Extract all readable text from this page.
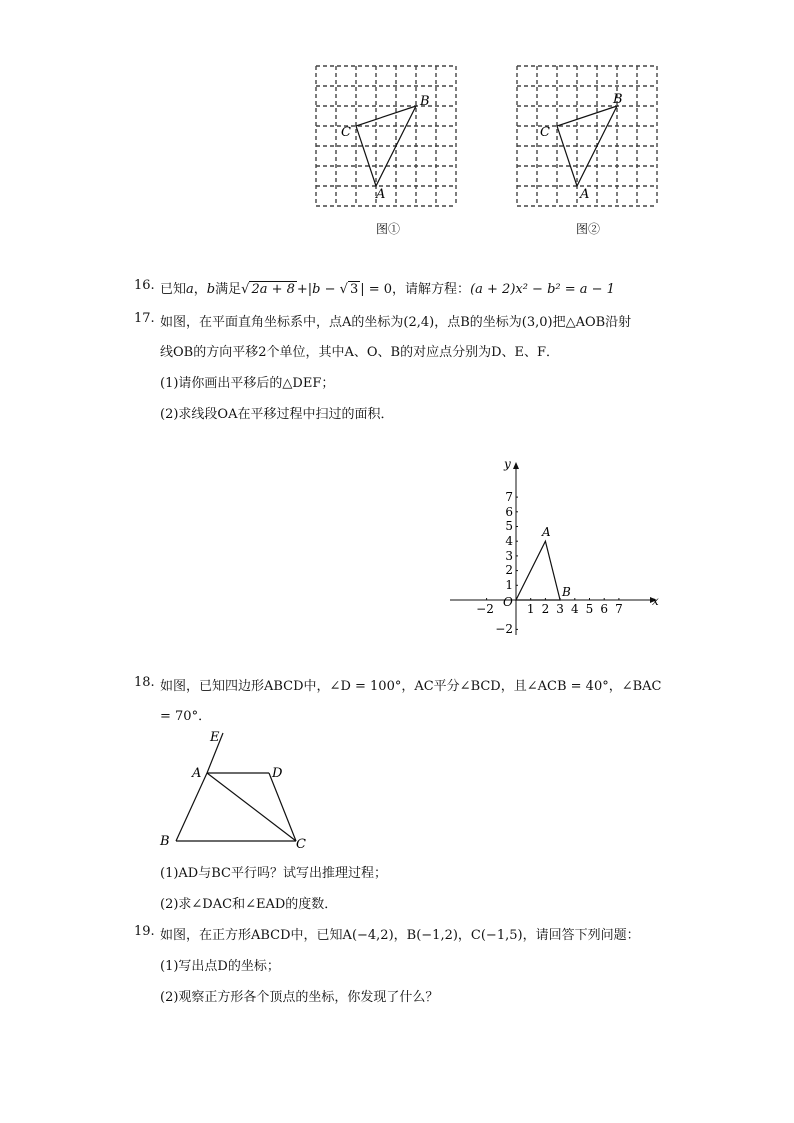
B
C
A
图①
B
C
A
图②
16. 已知a，b满足√ 2a + 8 +|b − √ 3 | = 0，请解方程：(a + 2)x² − b² = a − 1
17. 如图，在平面直角坐标系中，点A的坐标为(2,4)，点B的坐标为(3,0)把△AOB沿射
线OB的方向平移2个单位，其中A、O、B的对应点分别为D、E、F．
(1)请你画出平移后的△DEF；
(2)求线段OA在平移过程中扫过的面积．
x
y
O
−2	1 2 3 4 5 6 7
1
2
3
4
5
6
7
−2
A
B
18. 如图，已知四边形ABCD中，∠D = 100°，AC平分∠BCD，且∠ACB = 40°，∠BAC
= 70°．
E
A	D
B	C
(1)AD与BC平行吗？试写出推理过程；
(2)求∠DAC和∠EAD的度数．
19. 如图，在正方形ABCD中，已知A(−4,2)，B(−1,2)，C(−1,5)，请回答下列问题：
(1)写出点D的坐标；
(2)观察正方形各个顶点的坐标，你发现了什么？
